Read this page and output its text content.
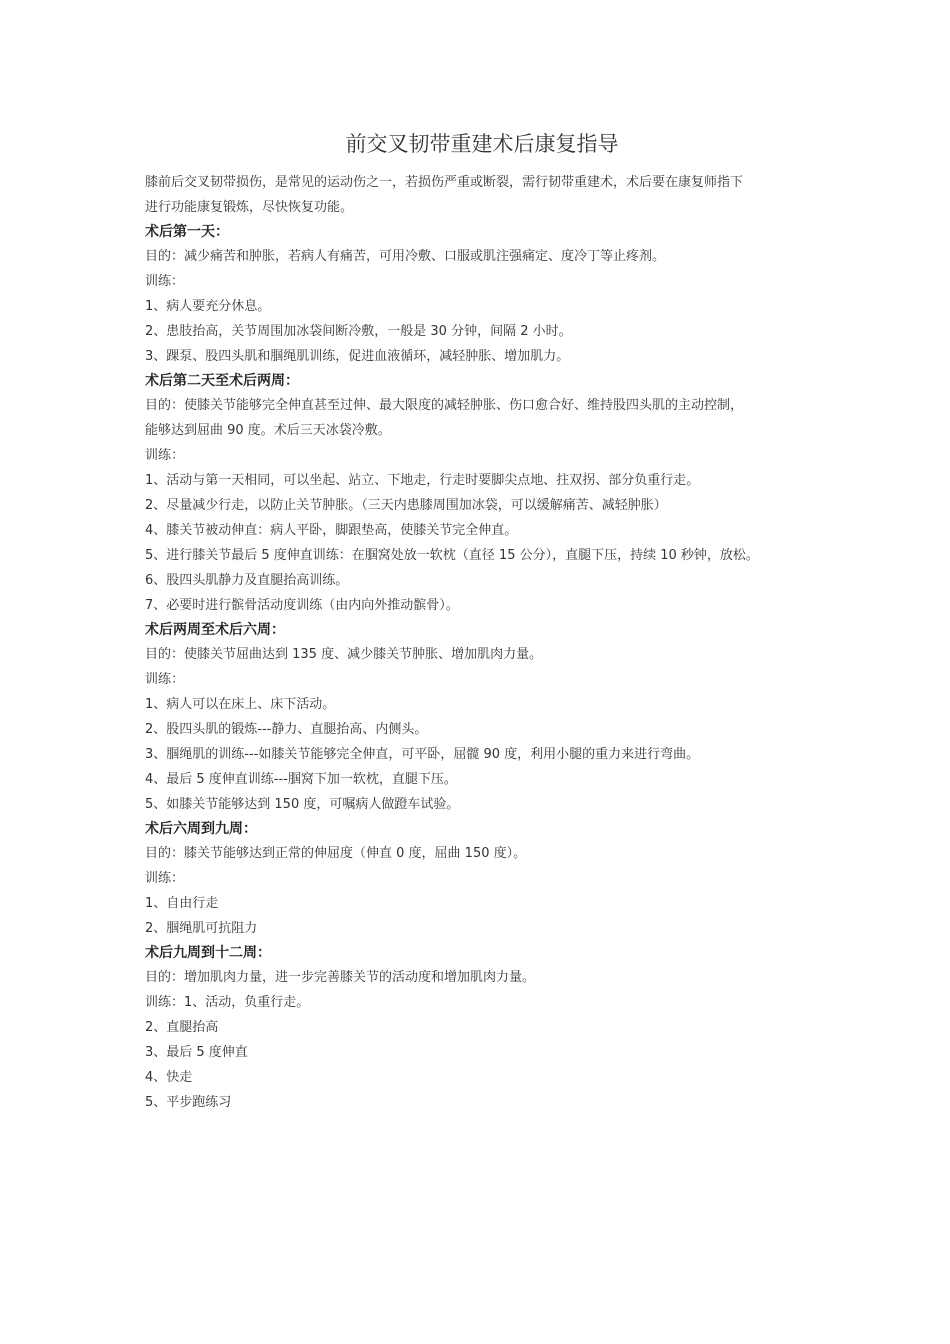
前交叉韧带重建术后康复指导

膝前后交叉韧带损伤，是常见的运动伤之一，若损伤严重或断裂，需行韧带重建术，术后要在康复师指下

进行功能康复锻炼，尽快恢复功能。

术后第一天：

目的：减少痛苦和肿胀，若病人有痛苦，可用冷敷、口服或肌注强痛定、度冷丁等止疼剂。

训练：

1、病人要充分休息。

2、患肢抬高，关节周围加冰袋间断冷敷，一般是 30 分钟，间隔 2 小时。

3、踝泵、股四头肌和腘绳肌训练，促进血液循环，减轻肿胀、增加肌力。

术后第二天至术后两周：

目的：使膝关节能够完全伸直甚至过伸、最大限度的减轻肿胀、伤口愈合好、维持股四头肌的主动控制，

能够达到屈曲 90 度。术后三天冰袋冷敷。

训练：

1、活动与第一天相同，可以坐起、站立、下地走，行走时要脚尖点地、拄双拐、部分负重行走。

2、尽量减少行走，以防止关节肿胀。（三天内患膝周围加冰袋，可以缓解痛苦、减轻肿胀）

4、膝关节被动伸直：病人平卧，脚跟垫高，使膝关节完全伸直。

5、进行膝关节最后 5 度伸直训练：在腘窝处放一软枕（直径 15 公分），直腿下压，持续 10 秒钟，放松。

6、股四头肌静力及直腿抬高训练。

7、必要时进行髌骨活动度训练（由内向外推动髌骨）。

术后两周至术后六周：

目的：使膝关节屈曲达到 135 度、减少膝关节肿胀、增加肌肉力量。

训练：

1、病人可以在床上、床下活动。

2、股四头肌的锻炼---静力、直腿抬高、内侧头。

3、腘绳肌的训练---如膝关节能够完全伸直，可平卧，屈髋 90 度，利用小腿的重力来进行弯曲。

4、最后 5 度伸直训练---腘窝下加一软枕，直腿下压。

5、如膝关节能够达到 150 度，可嘱病人做蹬车试验。

术后六周到九周：

目的：膝关节能够达到正常的伸屈度（伸直 0 度，屈曲 150 度）。

训练：

1、自由行走

2、腘绳肌可抗阻力

术后九周到十二周：

目的：增加肌肉力量，进一步完善膝关节的活动度和增加肌肉力量。

训练：1、活动，负重行走。

2、直腿抬高

3、最后 5 度伸直

4、快走

5、平步跑练习
